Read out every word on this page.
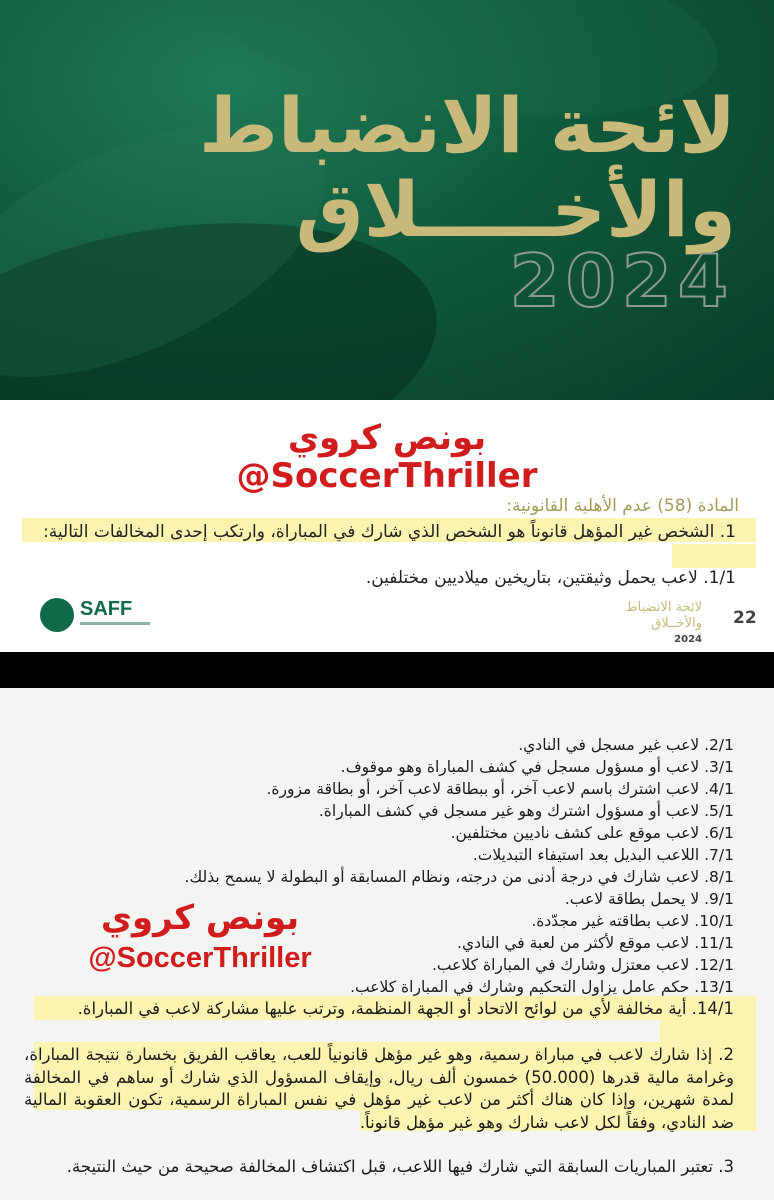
لائحة الانضباط
والأخـــــلاق
2024
بونص كروي
@SoccerThriller
المادة (58) عدم الأهلية القانونية:
1. الشخص غير المؤهل قانوناً هو الشخص الذي شارك في المباراة، وارتكب إحدى المخالفات التالية:
1/1. لاعب يحمل وثيقتين، بتاريخين ميلاديين مختلفين.
SAFF	لائحة الانضباط
والأخــلاق
2024
22
2/1. لاعب غير مسجل في النادي.
3/1. لاعب أو مسؤول مسجل في كشف المباراة وهو موقوف.
4/1. لاعب اشترك باسم لاعب آخر، أو ببطاقة لاعب آخر، أو بطاقة مزورة.
5/1. لاعب أو مسؤول اشترك وهو غير مسجل في كشف المباراة.
6/1. لاعب موقع على كشف ناديين مختلفين.
7/1. اللاعب البديل بعد استيفاء التبديلات.
8/1. لاعب شارك في درجة أدنى من درجته، ونظام المسابقة أو البطولة لا يسمح بذلك.
9/1. لا يحمل بطاقة لاعب.
10/1. لاعب بطاقته غير مجدّدة.
11/1. لاعب موقع لأكثر من لعبة في النادي.
12/1. لاعب معتزل وشارك في المباراة كلاعب.
13/1. حكم عامل يزاول التحكيم وشارك في المباراة كلاعب.
14/1. أية مخالفة لأي من لوائح الاتحاد أو الجهة المنظمة، وترتب عليها مشاركة لاعب في المباراة.
2. إذا شارك لاعب في مباراة رسمية، وهو غير مؤهل قانونياً للعب، يعاقب الفريق بخسارة نتيجة المباراة، وغرامة مالية قدرها (50.000) خمسون ألف ريال، وإيقاف المسؤول الذي شارك أو ساهم في المخالفة لمدة شهرين، وإذا كان هناك أكثر من لاعب غير مؤهل في نفس المباراة الرسمية، تكون العقوبة المالية ضد النادي، وفقاً لكل لاعب شارك وهو غير مؤهل قانوناً.
3. تعتبر المباريات السابقة التي شارك فيها اللاعب، قبل اكتشاف المخالفة صحيحة من حيث النتيجة.
بونص كروي
@SoccerThriller
